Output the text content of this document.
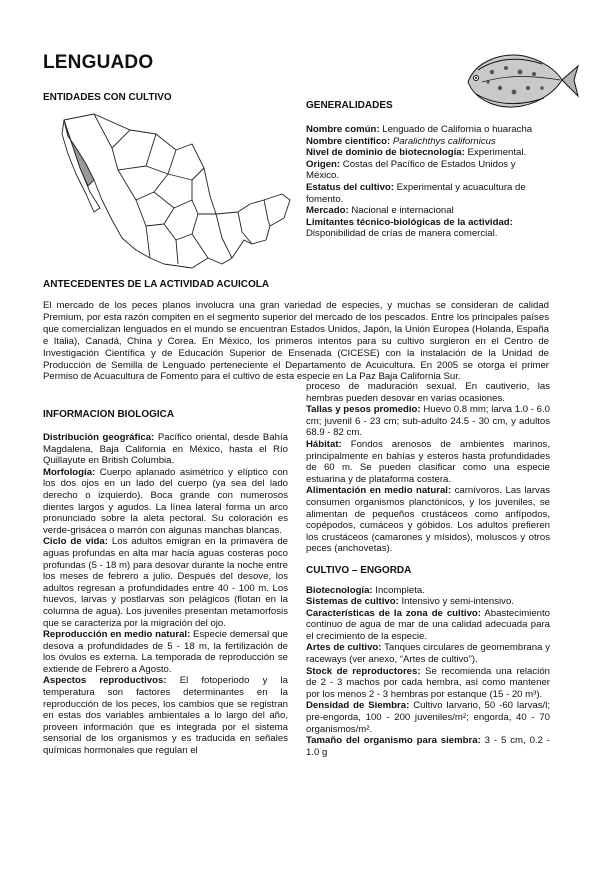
LENGUADO
ENTIDADES CON CULTIVO
GENERALIDADES

Nombre común: Lenguado de California o huaracha

Nombre científico: Paralichthys californicus

Nivel de dominio de biotecnología: Experimental.

Origen: Costas del Pacífico de Estados Unidos y México.

Estatus del cultivo: Experimental y acuacultura de fomento.

Mercado: Nacional e internacional

Limitantes técnico-biológicas de la actividad: Disponibilidad de crías de manera comercial.

ANTECEDENTES DE LA ACTIVIDAD ACUICOLA
El mercado de los peces planos involucra una gran variedad de especies, y muchas se consideran de calidad Premium, por esta razón compiten en el segmento superior del mercado de los pescados. Entre los principales países que comercializan lenguados en el mundo se encuentran Estados Unidos, Japón, la Unión Europea (Holanda, España e Italia), Canadá, China y Corea. En México, los primeros intentos para su cultivo surgieron en el Centro de Investigación Científica y de Educación Superior de Ensenada (CICESE) con la instalación de la Unidad de Producción de Semilla de Lenguado perteneciente el Departamento de Acuicultura. En 2005 se otorga el primer Permiso de Acuacultura de Fomento para el cultivo de esta especie en La Paz Baja California Sur.
INFORMACION BIOLOGICA

Distribución geográfica: Pacífico oriental, desde Bahía Magdalena, Baja California en México, hasta el Río Quillayute en British Columbia.

Morfología: Cuerpo aplanado asimétrico y elíptico con los dos ojos en un lado del cuerpo (ya sea del lado derecho o izquierdo). Boca grande con numerosos dientes largos y agudos. La línea lateral forma un arco pronunciado sobre la aleta pectoral. Su coloración es verde-grisácea o marrón con algunas manchas blancas.

Ciclo de vida: Los adultos emigran en la primavera de aguas profundas en alta mar hacia aguas costeras poco profundas (5 - 18 m) para desovar durante la noche entre los meses de febrero a julio. Después del desove, los adultos regresan a profundidades entre 40 - 100 m. Los huevos, larvas y postlarvas son pelágicos (flotan en la columna de agua). Los juveniles presentan metamorfosis que se caracteriza por la migración del ojo.

Reproducción en medio natural: Especie demersal que desova a profundidades de 5 - 18 m, la fertilización de los óvulos es externa. La temporada de reproducción se extiende de Febrero a Agosto.

Aspectos reproductivos: El fotoperiodo y la temperatura son factores determinantes en la reproducción de los peces, los cambios que se registran en estas dos variables ambientales a lo largo del año, proveen información que es integrada por el sistema sensorial de los organismos y es traducida en señales químicas hormonales que regulan el

proceso de maduración sexual. En cautiverio, las hembras pueden desovar en varias ocasiones.

Tallas y pesos promedio: Huevo 0.8 mm; larva 1.0 - 6.0 cm; juvenil 6 - 23 cm; sub-adulto 24.5 - 30 cm, y adultos 68.9 - 82 cm.

Hábitat: Fondos arenosos de ambientes marinos, principalmente en bahías y esteros hasta profundidades de 60 m. Se pueden clasificar como una especie estuarina y de plataforma costera.

Alimentación en medio natural: carnívoros. Las larvas consumen organismos planctónicos, y los juveniles, se alimentan de pequeños crustáceos como anfípodos, copépodos, cumáceos y góbidos. Los adultos prefieren los crustáceos (camarones y mísidos), moluscos y otros peces (anchovetas).

CULTIVO – ENGORDA

Biotecnología: Incompleta.

Sistemas de cultivo: Intensivo y semi-intensivo.

Características de la zona de cultivo: Abastecimiento continuo de agua de mar de una calidad adecuada para el crecimiento de la especie.

Artes de cultivo: Tanques circulares de geomembrana y raceways (ver anexo, “Artes de cultivo”).

Stock de reproductores: Se recomienda una relación de 2 - 3 machos por cada hembra, así como mantener por los menos 2 - 3 hembras por estanque (15 - 20 m³).

Densidad de Siembra: Cultivo larvario, 50 -60 larvas/l; pre-engorda, 100 - 200 juveniles/m²; engorda, 40 - 70 organismos/m².

Tamaño del organismo para siembra: 3 - 5 cm, 0.2 - 1.0 g
